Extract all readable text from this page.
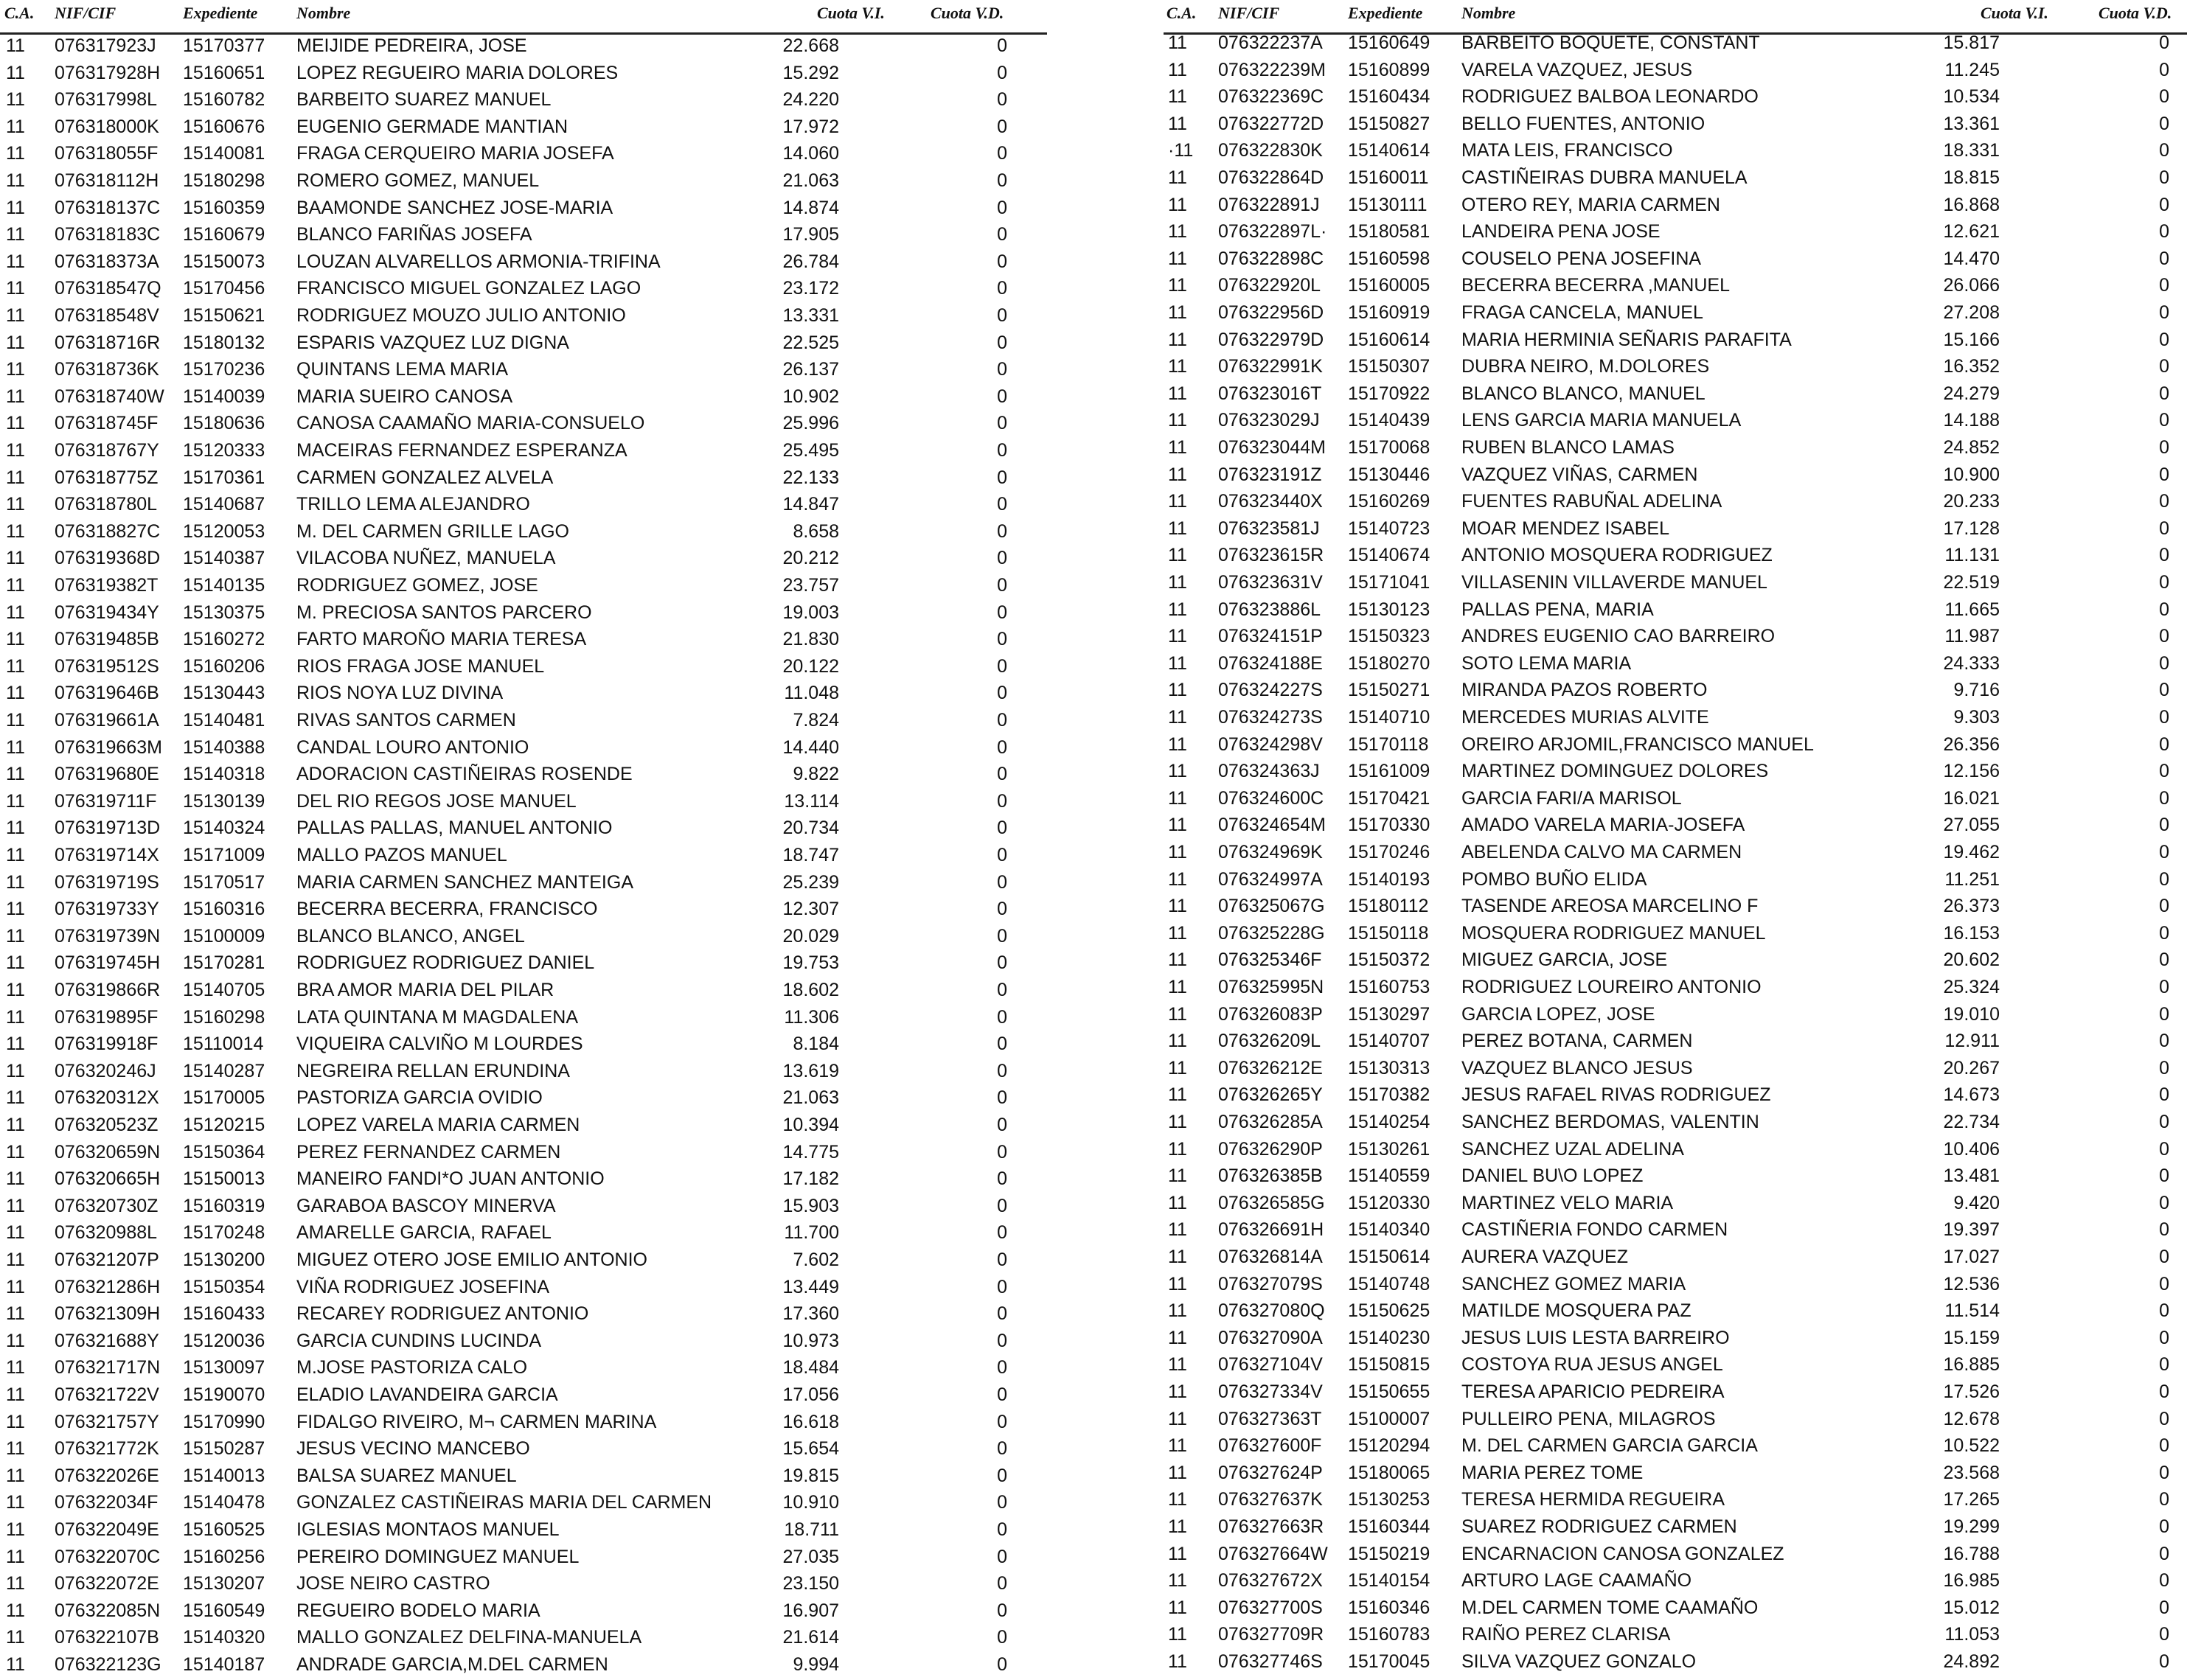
C.A. NIF/CIF	Expediente Nombre	Cuota V.I.	Cuota V.D.
11 076317923J 15170377 MEIJIDE PEDREIRA, JOSE	22.668	0
11 076317928H 15160651 LOPEZ REGUEIRO MARIA DOLORES	15.292	0
11 076317998L 15160782 BARBEITO SUAREZ MANUEL	24.220	0
11 076318000K 15160676 EUGENIO GERMADE MANTIAN	17.972	0
11 076318055F 15140081 FRAGA CERQUEIRO MARIA JOSEFA	14.060	0
11 076318112H 15180298 ROMERO GOMEZ, MANUEL	21.063	0
11 076318137C 15160359 BAAMONDE SANCHEZ JOSE-MARIA	14.874	0
11 076318183C 15160679 BLANCO FARIÑAS JOSEFA	17.905	0
11 076318373A 15150073 LOUZAN ALVARELLOS ARMONIA-TRIFINA	26.784	0
11 076318547Q 15170456 FRANCISCO MIGUEL GONZALEZ LAGO	23.172	0
11 076318548V 15150621 RODRIGUEZ MOUZO JULIO ANTONIO	13.331	0
11 076318716R 15180132 ESPARIS VAZQUEZ LUZ DIGNA	22.525	0
11 076318736K 15170236 QUINTANS LEMA MARIA	26.137	0
11 076318740W 15140039 MARIA SUEIRO CANOSA	10.902	0
11 076318745F 15180636 CANOSA CAAMAÑO MARIA-CONSUELO	25.996	0
11 076318767Y 15120333 MACEIRAS FERNANDEZ ESPERANZA	25.495	0
11 076318775Z 15170361 CARMEN GONZALEZ ALVELA	22.133	0
11 076318780L 15140687 TRILLO LEMA ALEJANDRO	14.847	0
11 076318827C 15120053 M. DEL CARMEN GRILLE LAGO	8.658	0
11 076319368D 15140387 VILACOBA NUÑEZ, MANUELA	20.212	0
11 076319382T 15140135 RODRIGUEZ GOMEZ, JOSE	23.757	0
11 076319434Y 15130375 M. PRECIOSA SANTOS PARCERO	19.003	0
11 076319485B 15160272 FARTO MAROÑO MARIA TERESA	21.830	0
11 076319512S 15160206 RIOS FRAGA JOSE MANUEL	20.122	0
11 076319646B 15130443 RIOS NOYA LUZ DIVINA	11.048	0
11 076319661A 15140481 RIVAS SANTOS CARMEN	7.824	0
11 076319663M 15140388 CANDAL LOURO ANTONIO	14.440	0
11 076319680E 15140318 ADORACION CASTIÑEIRAS ROSENDE	9.822	0
11 076319711F 15130139 DEL RIO REGOS JOSE MANUEL	13.114	0
11 076319713D 15140324 PALLAS PALLAS, MANUEL ANTONIO	20.734	0
11 076319714X 15171009 MALLO PAZOS MANUEL	18.747	0
11 076319719S 15170517 MARIA CARMEN SANCHEZ MANTEIGA	25.239	0
11 076319733Y 15160316 BECERRA BECERRA, FRANCISCO	12.307	0
11 076319739N 15100009 BLANCO BLANCO, ANGEL	20.029	0
11 076319745H 15170281 RODRIGUEZ RODRIGUEZ DANIEL	19.753	0
11 076319866R 15140705 BRA AMOR MARIA DEL PILAR	18.602	0
11 076319895F 15160298 LATA QUINTANA M MAGDALENA	11.306	0
11 076319918F 15110014 VIQUEIRA CALVIÑO M LOURDES	8.184	0
11 076320246J 15140287 NEGREIRA RELLAN ERUNDINA	13.619	0
11 076320312X 15170005 PASTORIZA GARCIA OVIDIO	21.063	0
11 076320523Z 15120215 LOPEZ VARELA MARIA CARMEN	10.394	0
11 076320659N 15150364 PEREZ FERNANDEZ CARMEN	14.775	0
11 076320665H 15150013 MANEIRO FANDI*O JUAN ANTONIO	17.182	0
11 076320730Z 15160319 GARABOA BASCOY MINERVA	15.903	0
11 076320988L 15170248 AMARELLE GARCIA, RAFAEL	11.700	0
11 076321207P 15130200 MIGUEZ OTERO JOSE EMILIO ANTONIO	7.602	0
11 076321286H 15150354 VIÑA RODRIGUEZ JOSEFINA	13.449	0
11 076321309H 15160433 RECAREY RODRIGUEZ ANTONIO	17.360	0
11 076321688Y 15120036 GARCIA CUNDINS LUCINDA	10.973	0
11 076321717N 15130097 M.JOSE PASTORIZA CALO	18.484	0
11 076321722V 15190070 ELADIO LAVANDEIRA GARCIA	17.056	0
11 076321757Y 15170990 FIDALGO RIVEIRO, M¬ CARMEN MARINA	16.618	0
11 076321772K 15150287 JESUS VECINO MANCEBO	15.654	0
11 076322026E 15140013 BALSA SUAREZ MANUEL	19.815	0
11 076322034F 15140478 GONZALEZ CASTIÑEIRAS MARIA DEL CARMEN	10.910	0
11 076322049E 15160525 IGLESIAS MONTAOS MANUEL	18.711	0
11 076322070C 15160256 PEREIRO DOMINGUEZ MANUEL	27.035	0
11 076322072E 15130207 JOSE NEIRO CASTRO	23.150	0
11 076322085N 15160549 REGUEIRO BODELO MARIA	16.907	0
11 076322107B 15140320 MALLO GONZALEZ DELFINA-MANUELA	21.614	0
11 076322123G 15140187 ANDRADE GARCIA,M.DEL CARMEN	9.994	0
C.A. NIF/CIF	Expediente Nombre	Cuota V.I.	Cuota V.D.
11 076322237A 15160649 BARBEITO BOQUETE, CONSTANT	15.817	0
11 076322239M 15160899 VARELA VAZQUEZ, JESUS	11.245	0
11 076322369C 15160434 RODRIGUEZ BALBOA LEONARDO	10.534	0
11 076322772D 15150827 BELLO FUENTES, ANTONIO	13.361	0
·11 076322830K 15140614 MATA LEIS, FRANCISCO	18.331	0
11 076322864D 15160011 CASTIÑEIRAS DUBRA MANUELA	18.815	0
11 076322891J 15130111 OTERO REY, MARIA CARMEN	16.868	0
11 076322897L· 15180581 LANDEIRA PENA JOSE	12.621	0
11 076322898C 15160598 COUSELO PENA JOSEFINA	14.470	0
11 076322920L 15160005 BECERRA BECERRA ,MANUEL	26.066	0
11 076322956D 15160919 FRAGA CANCELA, MANUEL	27.208	0
11 076322979D 15160614 MARIA HERMINIA SEÑARIS PARAFITA	15.166	0
11 076322991K 15150307 DUBRA NEIRO, M.DOLORES	16.352	0
11 076323016T 15170922 BLANCO BLANCO, MANUEL	24.279	0
11 076323029J 15140439 LENS GARCIA MARIA MANUELA	14.188	0
11 076323044M 15170068 RUBEN BLANCO LAMAS	24.852	0
11 076323191Z 15130446 VAZQUEZ VIÑAS, CARMEN	10.900	0
11 076323440X 15160269 FUENTES RABUÑAL ADELINA	20.233	0
11 076323581J 15140723 MOAR MENDEZ ISABEL	17.128	0
11 076323615R 15140674 ANTONIO MOSQUERA RODRIGUEZ	11.131	0
11 076323631V 15171041 VILLASENIN VILLAVERDE MANUEL	22.519	0
11 076323886L 15130123 PALLAS PENA, MARIA	11.665	0
11 076324151P 15150323 ANDRES EUGENIO CAO BARREIRO	11.987	0
11 076324188E 15180270 SOTO LEMA MARIA	24.333	0
11 076324227S 15150271 MIRANDA PAZOS ROBERTO	9.716	0
11 076324273S 15140710 MERCEDES MURIAS ALVITE	9.303	0
11 076324298V 15170118 OREIRO ARJOMIL,FRANCISCO MANUEL	26.356	0
11 076324363J 15161009 MARTINEZ DOMINGUEZ DOLORES	12.156	0
11 076324600C 15170421 GARCIA FARI/A MARISOL	16.021	0
11 076324654M 15170330 AMADO VARELA MARIA-JOSEFA	27.055	0
11 076324969K 15170246 ABELENDA CALVO MA CARMEN	19.462	0
11 076324997A 15140193 POMBO BUÑO ELIDA	11.251	0
11 076325067G 15180112 TASENDE AREOSA MARCELINO F	26.373	0
11 076325228G 15150118 MOSQUERA RODRIGUEZ MANUEL	16.153	0
11 076325346F 15150372 MIGUEZ GARCIA, JOSE	20.602	0
11 076325995N 15160753 RODRIGUEZ LOUREIRO ANTONIO	25.324	0
11 076326083P 15130297 GARCIA LOPEZ, JOSE	19.010	0
11 076326209L 15140707 PEREZ BOTANA, CARMEN	12.911	0
11 076326212E 15130313 VAZQUEZ BLANCO JESUS	20.267	0
11 076326265Y 15170382 JESUS RAFAEL RIVAS RODRIGUEZ	14.673	0
11 076326285A 15140254 SANCHEZ BERDOMAS, VALENTIN	22.734	0
11 076326290P 15130261 SANCHEZ UZAL ADELINA	10.406	0
11 076326385B 15140559 DANIEL BU\O LOPEZ	13.481	0
11 076326585G 15120330 MARTINEZ VELO MARIA	9.420	0
11 076326691H 15140340 CASTIÑERIA FONDO CARMEN	19.397	0
11 076326814A 15150614 AURERA VAZQUEZ	17.027	0
11 076327079S 15140748 SANCHEZ GOMEZ MARIA	12.536	0
11 076327080Q 15150625 MATILDE MOSQUERA PAZ	11.514	0
11 076327090A 15140230 JESUS LUIS LESTA BARREIRO	15.159	0
11 076327104V 15150815 COSTOYA RUA JESUS ANGEL	16.885	0
11 076327334V 15150655 TERESA APARICIO PEDREIRA	17.526	0
11 076327363T 15100007 PULLEIRO PENA, MILAGROS	12.678	0
11 076327600F 15120294 M. DEL CARMEN GARCIA GARCIA	10.522	0
11 076327624P 15180065 MARIA PEREZ TOME	23.568	0
11 076327637K 15130253 TERESA HERMIDA REGUEIRA	17.265	0
11 076327663R 15160344 SUAREZ RODRIGUEZ CARMEN	19.299	0
11 076327664W 15150219 ENCARNACION CANOSA GONZALEZ	16.788	0
11 076327672X 15140154 ARTURO LAGE CAAMAÑO	16.985	0
11 076327700S 15160346 M.DEL CARMEN TOME CAAMAÑO	15.012	0
11 076327709R 15160783 RAIÑO PEREZ CLARISA	11.053	0
11 076327746S 15170045 SILVA VAZQUEZ GONZALO	24.892	0
